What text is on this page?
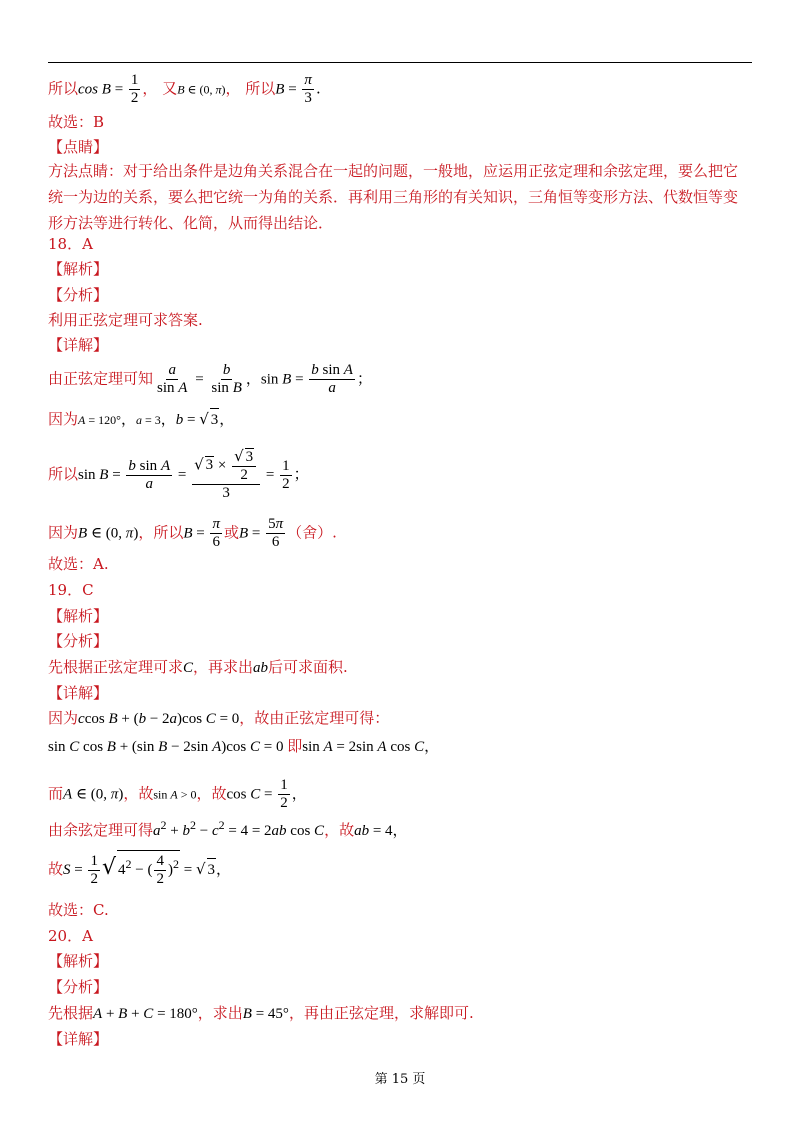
所以$\cos B = \frac{1}{2}$ ， 又B ∈ (0, π)， 所以$B = \frac{\pi}{3}$ .
故选：B
【点睛】
方法点睛：对于给出条件是边角关系混合在一起的问题，一般地，应运用正弦定理和余弦定理，要么把它统一为边的关系，要么把它统一为角的关系．再利用三角形的有关知识，三角恒等变形方法、代数恒等变形方法等进行转化、化简，从而得出结论．
18．A
【解析】
【分析】
利用正弦定理可求答案.
【详解】
由正弦定理可知 $\frac{a}{\text{sin A}} = \frac{b}{\text{sin B}}$ ，$\sin B = \frac{\text{b sin A}}{a}$ ；
因为A = 120°，a = 3，b = √ 3，
所以$\sin B = \frac{\text{b sin A}}{a} = \frac{√ 3 \times \frac{√ 3}{2}}{3} = \frac{1}{2}$ ；
因为B ∈ (0, π)，所以$B = \frac{\pi}{6}$ 或$B = \frac{5\pi}{6}$ （舍）.
故选：A.
19．C
【解析】
【分析】
先根据正弦定理可求C，再求出ab后可求面积.
【详解】
因为ccos B + (b − 2a)cos C = 0，故由正弦定理可得：
sin C cos B + (sin B − 2sin A)cos C = 0 即sin A = 2sin A cos C，
而A ∈ (0, π)，故sin A > 0，故$\cos C = \frac{1}{2}$ ，
由余弦定理可得$a^2 + b^2 - c^2 = 4 = 2ab$ cos C，故ab = 4，
故$S = \frac{1}{2}$ √ $4^2$ − ( $\frac{4}{2} )^2$ = √ 3，
故选：C.
20．A
【解析】
【分析】
先根据A + B + C = 180°，求出B = 45°，再由正弦定理，求解即可.
【详解】
第 15 页
